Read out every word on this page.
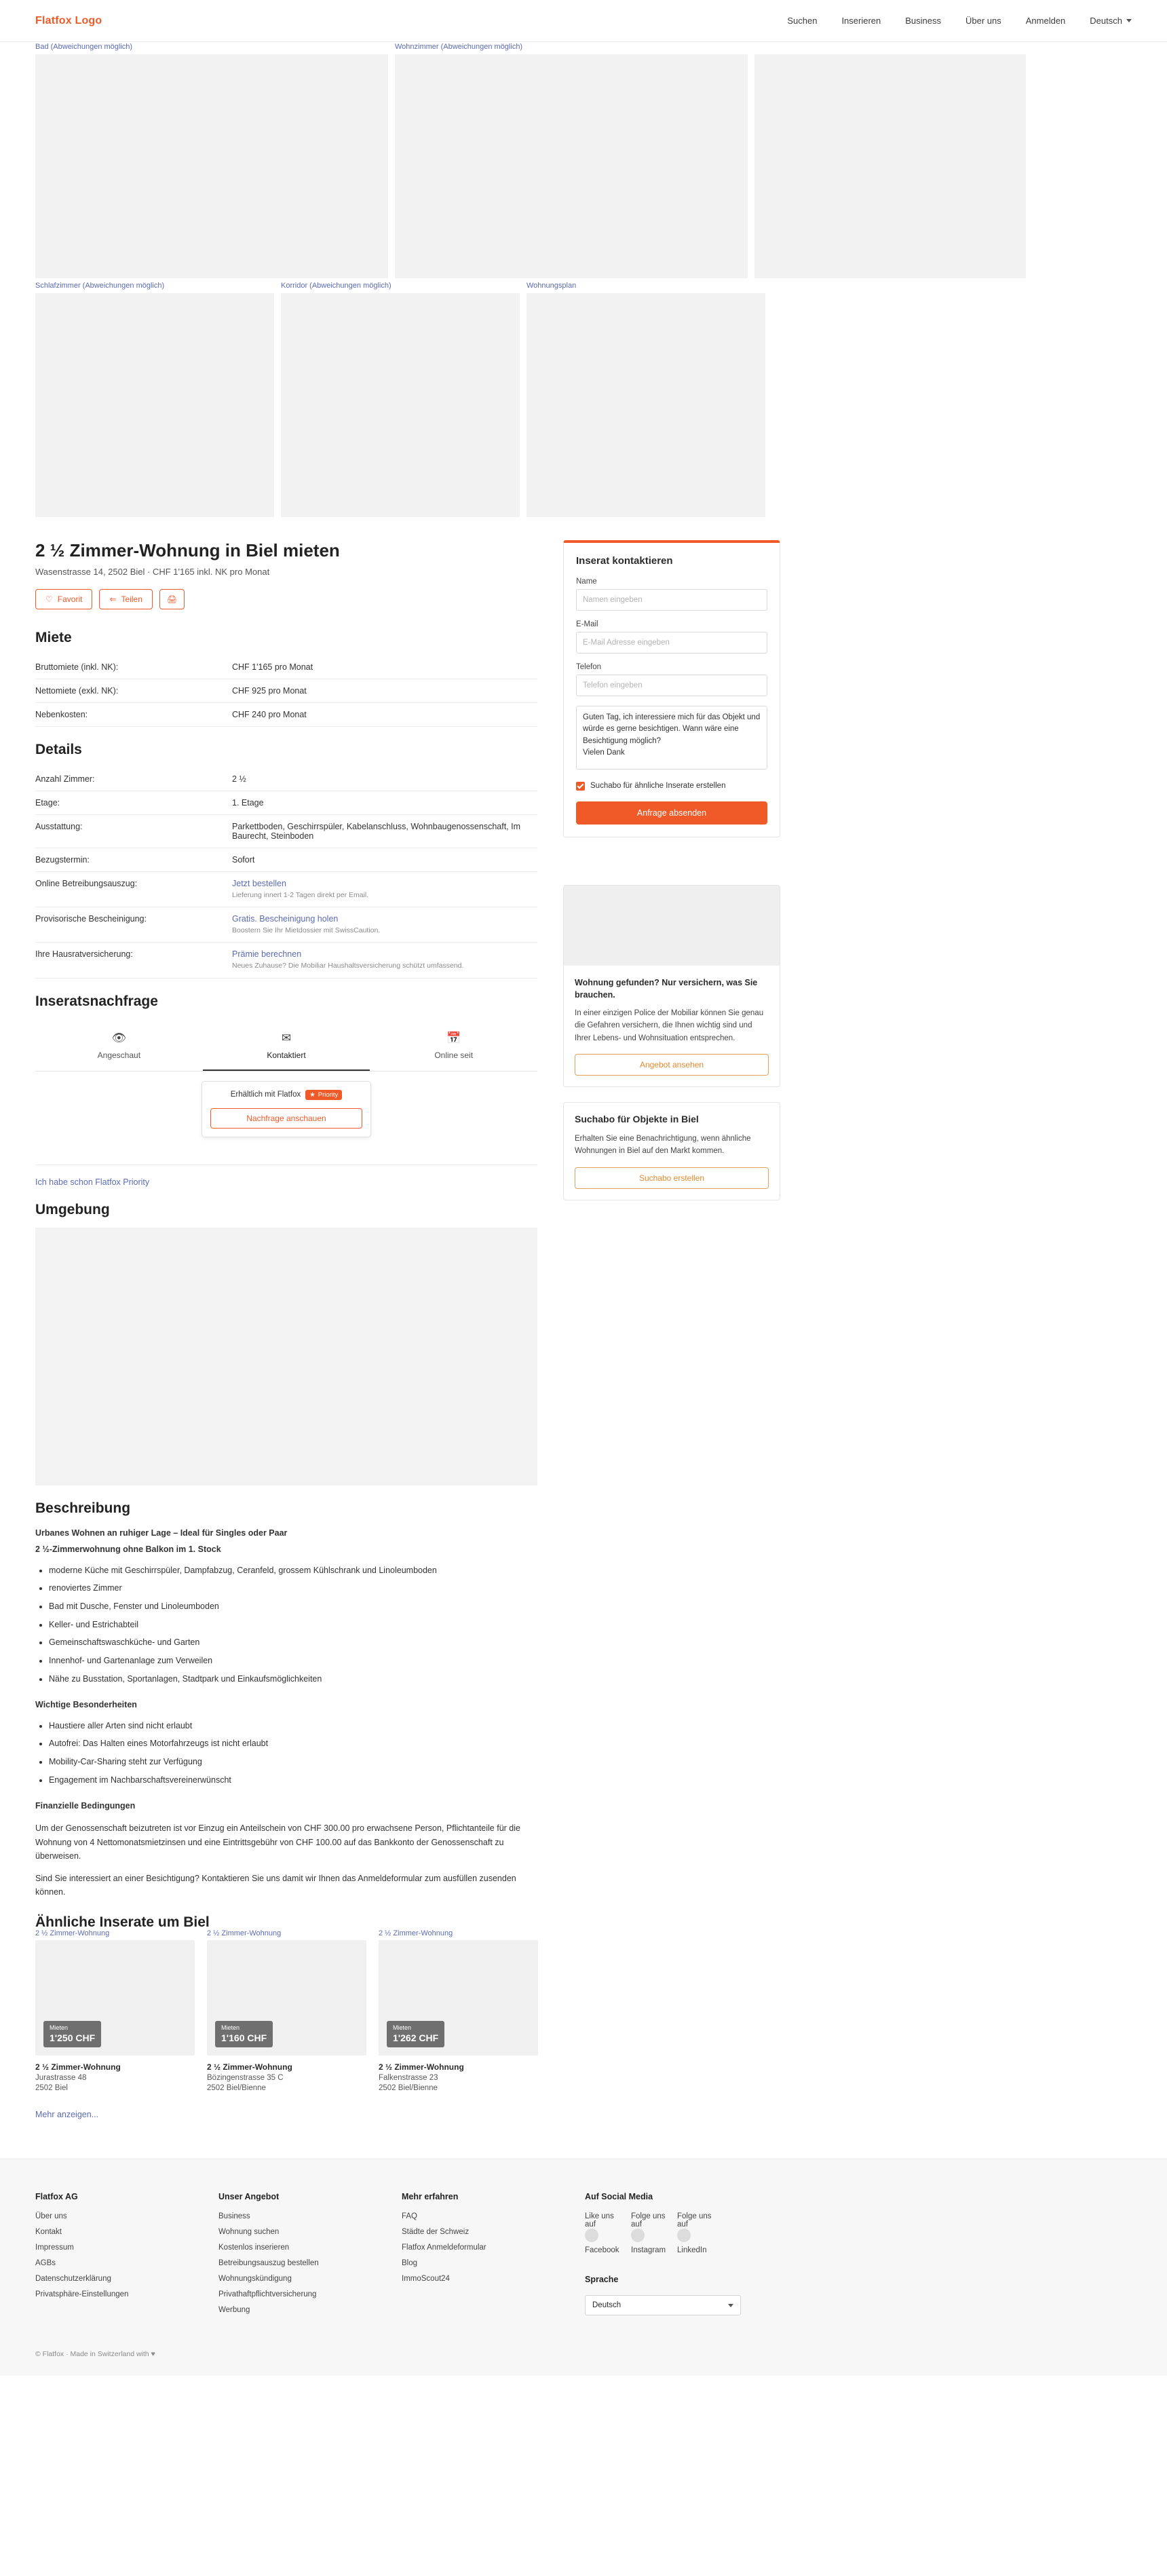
Flatfox Logo	Suchen	Inserieren	Business	Über uns	Anmelden	Deutsch
Bad (Abweichungen möglich)	Wohnzimmer (Abweichungen möglich)
Schlafzimmer (Abweichungen möglich)	Korridor (Abweichungen möglich)	Wohnungsplan
2 ½ Zimmer-Wohnung in Biel mieten
Wasenstrasse 14, 2502 Biel · CHF 1'165 inkl. NK pro Monat
♡ Favorit	⇐ Teilen	🖨
Miete
Bruttomiete (inkl. NK):	CHF 1'165 pro Monat
Nettomiete (exkl. NK):	CHF 925 pro Monat
Nebenkosten:	CHF 240 pro Monat
Details
Anzahl Zimmer:	2 ½
Etage:	1. Etage
Ausstattung:	Parkettboden, Geschirrspüler, Kabelanschluss, Wohnbaugenossenschaft, Im Baurecht, Steinboden
Bezugstermin:	Sofort
Online Betreibungsauszug:	Jetzt bestellen
Lieferung innert 1-2 Tagen direkt per Email.

Provisorische Bescheinigung:	Gratis. Bescheinigung holen
Boostern Sie Ihr Mietdossier mit SwissCaution.

Ihre Hausratversicherung:	Prämie berechnen
Neues Zuhause? Die Mobiliar Haushaltsversicherung schützt umfassend.
Inseratsnachfrage
👁
Angeschaut
✉
Kontaktiert
📅
Online seit
Erhältlich mit Flatfox ★ Priority
Nachfrage anschauen
Ich habe schon Flatfox Priority
Umgebung
Beschreibung
Urbanes Wohnen an ruhiger Lage – Ideal für Singles oder Paar
2 ½-Zimmerwohnung ohne Balkon im 1. Stock
• moderne Küche mit Geschirrspüler, Dampfabzug, Ceranfeld, grossem Kühlschrank und Linoleumboden
• renoviertes Zimmer
• Bad mit Dusche, Fenster und Linoleumboden
• Keller- und Estrichabteil
• Gemeinschaftswaschküche- und Garten
• Innenhof- und Gartenanlage zum Verweilen
• Nähe zu Busstation, Sportanlagen, Stadtpark und Einkaufsmöglichkeiten
Wichtige Besonderheiten
• Haustiere aller Arten sind nicht erlaubt
• Autofrei: Das Halten eines Motorfahrzeugs ist nicht erlaubt
• Mobility-Car-Sharing steht zur Verfügung
• Engagement im Nachbarschaftsvereinerwünscht
Finanzielle Bedingungen

Um der Genossenschaft beizutreten ist vor Einzug ein Anteilschein von CHF 300.00 pro erwachsene Person, Pflichtanteile für die Wohnung von 4 Nettomonatsmietzinsen und eine Eintrittsgebühr von CHF 100.00 auf das Bankkonto der Genossenschaft zu überweisen.

Sind Sie interessiert an einer Besichtigung? Kontaktieren Sie uns damit wir Ihnen das Anmeldeformular zum ausfüllen zusenden können.

Ähnliche Inserate um Biel
2 ½ Zimmer-Wohnung
Mieten
1'250 CHF
2 ½ Zimmer-Wohnung
Jurastrasse 48
2502 Biel
2 ½ Zimmer-Wohnung
Mieten
1'160 CHF
2 ½ Zimmer-Wohnung
Bözingenstrasse 35 C
2502 Biel/Bienne
2 ½ Zimmer-Wohnung
Mieten
1'262 CHF
2 ½ Zimmer-Wohnung
Falkenstrasse 23
2502 Biel/Bienne
Mehr anzeigen...
Inserat kontaktieren
Name
Namen eingeben
E-Mail
E-Mail Adresse eingeben
Telefon
Telefon eingeben
Guten Tag, ich interessiere mich für das Objekt und würde es gerne besichtigen. Wann wäre eine Besichtigung möglich? Vielen Dank
Suchabo für ähnliche Inserate erstellen
Anfrage absenden
Wohnung gefunden? Nur versichern, was Sie brauchen.
In einer einzigen Police der Mobiliar können Sie genau die Gefahren versichern, die Ihnen wichtig sind und Ihrer Lebens- und Wohnsituation entsprechen.
Angebot ansehen
Suchabo für Objekte in Biel
Erhalten Sie eine Benachrichtigung, wenn ähnliche Wohnungen in Biel auf den Markt kommen.
Suchabo erstellen
Flatfox AG
Über uns
Kontakt
Impressum
AGBs
Datenschutzerklärung
Privatsphäre-Einstellungen
Unser Angebot
Business
Wohnung suchen
Kostenlos inserieren
Betreibungsauszug bestellen
Wohnungskündigung
Privathaftpflichtversicherung
Werbung
Mehr erfahren
FAQ
Städte der Schweiz
Flatfox Anmeldeformular
Blog
ImmoScout24
Auf Social Media
Like uns auf
Facebook
Folge uns auf
Instagram
Folge uns auf
LinkedIn
Sprache
Deutsch
© Flatfox · Made in Switzerland with ♥
